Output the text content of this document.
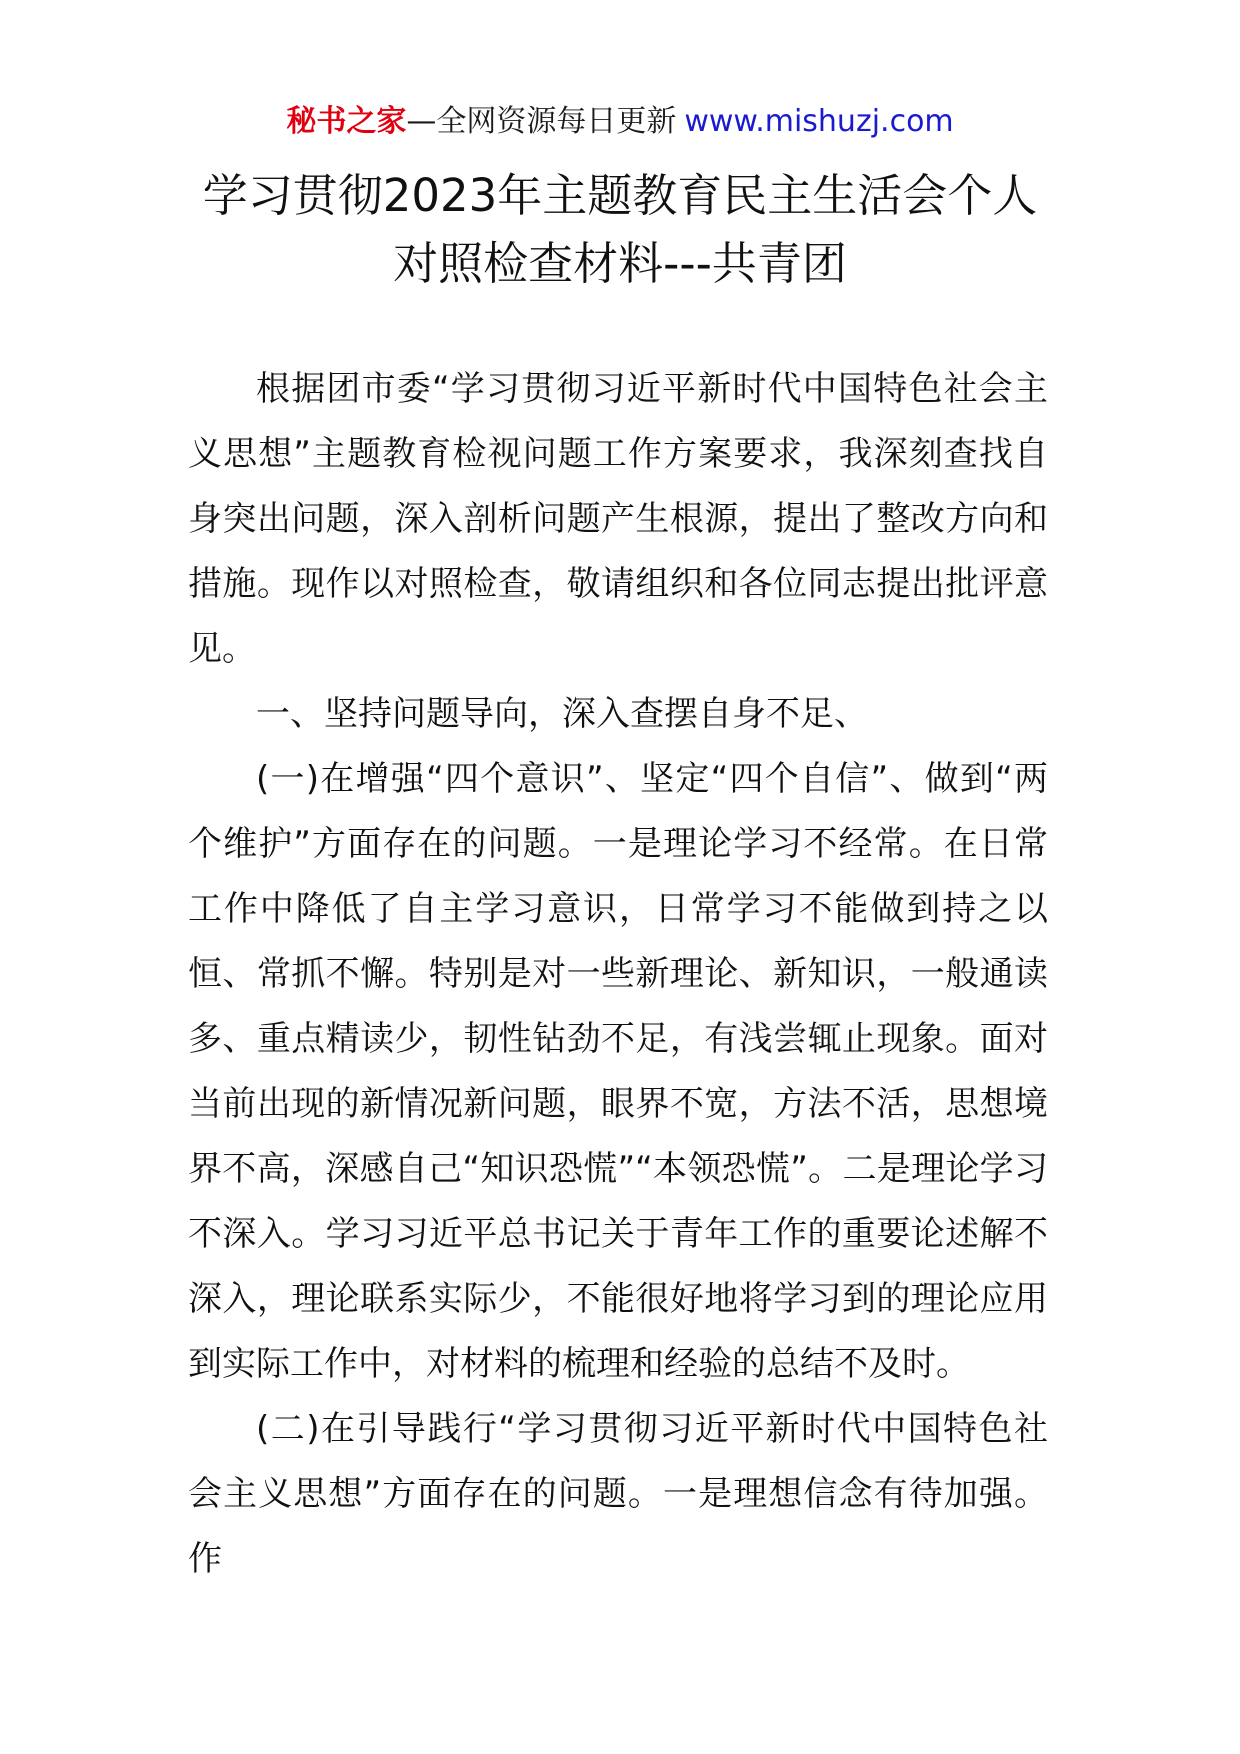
秘书之家—全网资源每日更新 www.mishuzj.com
学习贯彻2023年主题教育民主生活会个人
对照检查材料---共青团

根据团市委“学习贯彻习近平新时代中国特色社会主义思想”主题教育检视问题工作方案要求，我深刻查找自身突出问题，深入剖析问题产生根源，提出了整改方向和措施。现作以对照检查，敬请组织和各位同志提出批评意见。

一、坚持问题导向，深入查摆自身不足、

(一)在增强“四个意识”、坚定“四个自信”、做到“两个维护”方面存在的问题。一是理论学习不经常。在日常工作中降低了自主学习意识，日常学习不能做到持之以恒、常抓不懈。特别是对一些新理论、新知识，一般通读多、重点精读少，韧性钻劲不足，有浅尝辄止现象。面对当前出现的新情况新问题，眼界不宽，方法不活，思想境界不高，深感自己“知识恐慌”“本领恐慌”。二是理论学习不深入。学习习近平总书记关于青年工作的重要论述解不深入，理论联系实际少，不能很好地将学习到的理论应用到实际工作中，对材料的梳理和经验的总结不及时。

(二)在引导践行“学习贯彻习近平新时代中国特色社会主义思想”方面存在的问题。一是理想信念有待加强。作
